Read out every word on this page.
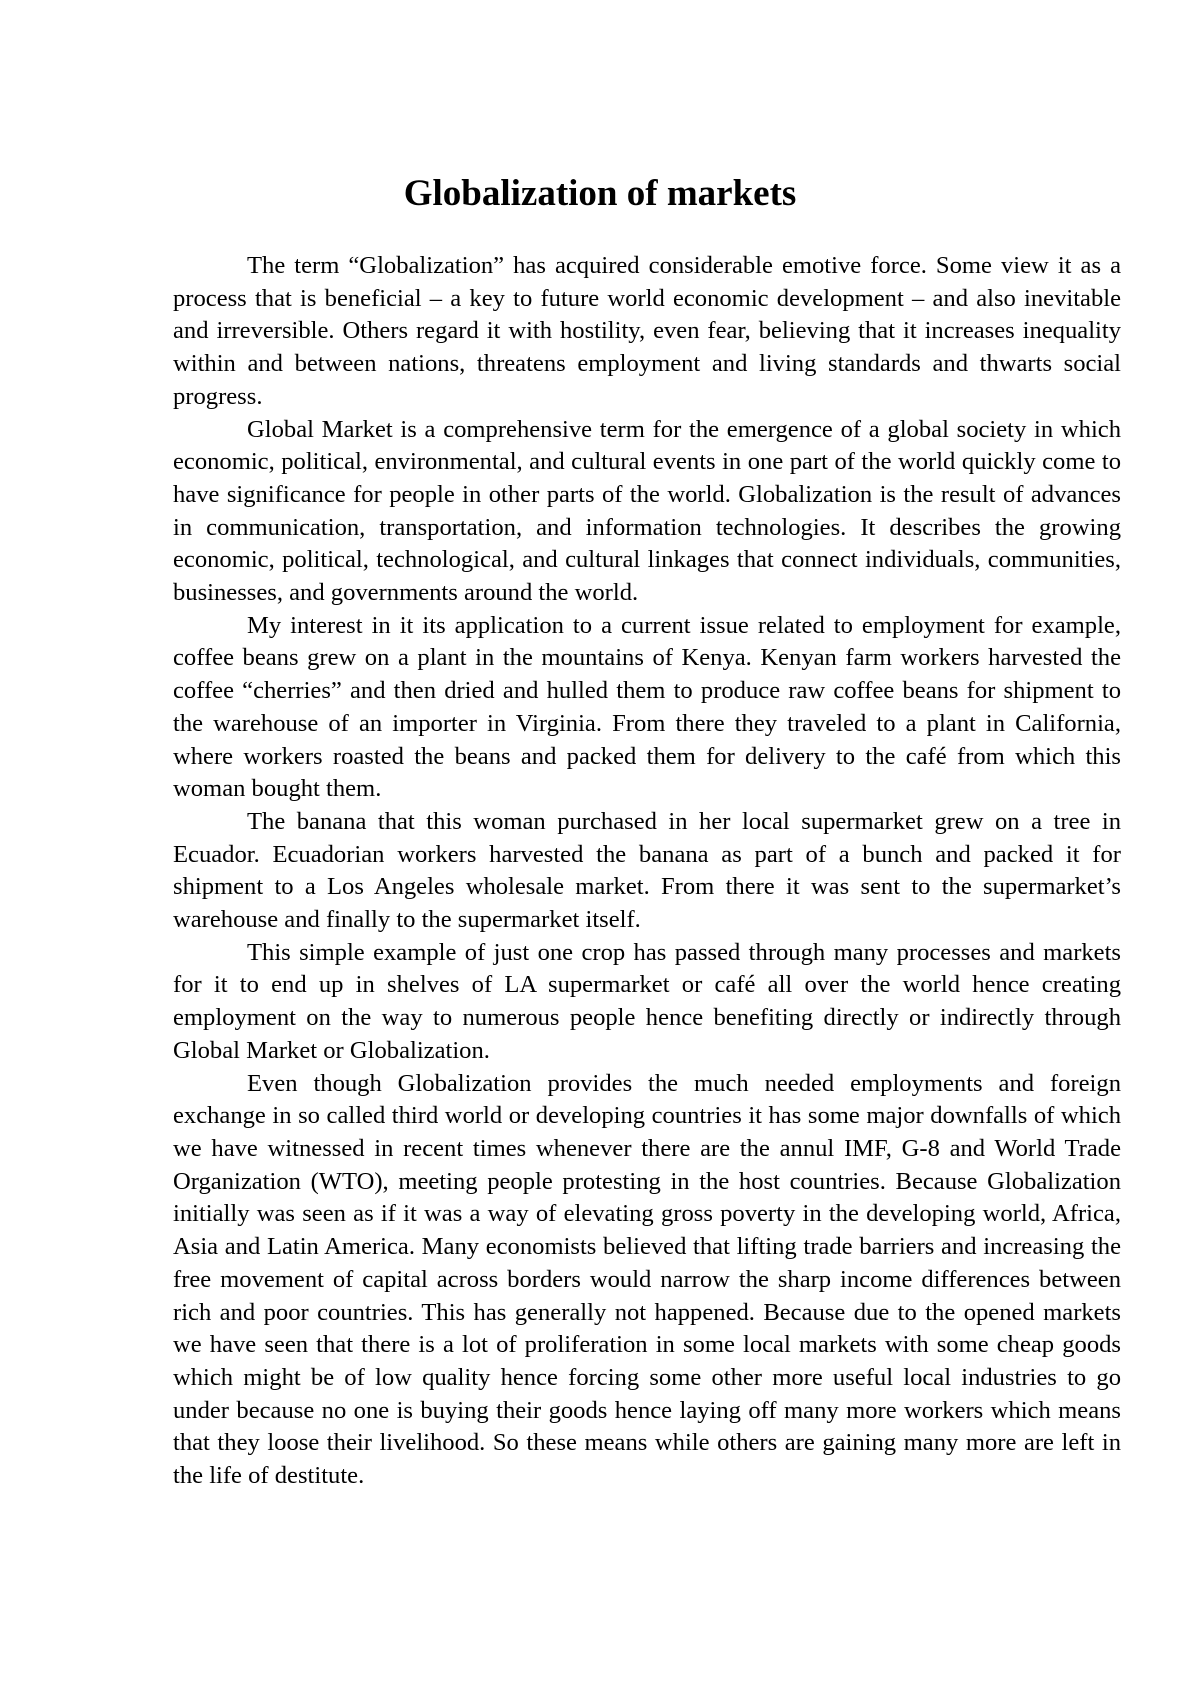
Globalization of markets

The term “Globalization” has acquired considerable emotive force. Some view it as a process that is beneficial – a key to future world economic development – and also inevitable and irreversible. Others regard it with hostility, even fear, believing that it increases inequality within and between nations, threatens employment and living standards and thwarts social progress.

Global Market is a comprehensive term for the emergence of a global society in which economic, political, environmental, and cultural events in one part of the world quickly come to have significance for people in other parts of the world. Globalization is the result of advances in communication, transportation, and information technologies. It describes the growing economic, political, technological, and cultural linkages that connect individuals, communities, businesses, and governments around the world.

My interest in it its application to a current issue related to employment for example, coffee beans grew on a plant in the mountains of Kenya. Kenyan farm workers harvested the coffee “cherries” and then dried and hulled them to produce raw coffee beans for shipment to the warehouse of an importer in Virginia. From there they traveled to a plant in California, where workers roasted the beans and packed them for delivery to the café from which this woman bought them.

The banana that this woman purchased in her local supermarket grew on a tree in Ecuador. Ecuadorian workers harvested the banana as part of a bunch and packed it for shipment to a Los Angeles wholesale market. From there it was sent to the supermarket’s warehouse and finally to the supermarket itself.

This simple example of just one crop has passed through many processes and markets for it to end up in shelves of LA supermarket or café all over the world hence creating employment on the way to numerous people hence benefiting directly or indirectly through Global Market or Globalization.

Even though Globalization provides the much needed employments and foreign exchange in so called third world or developing countries it has some major downfalls of which we have witnessed in recent times whenever there are the annul IMF, G-8 and World Trade Organization (WTO), meeting people protesting in the host countries. Because Globalization initially was seen as if it was a way of elevating gross poverty in the developing world, Africa, Asia and Latin America. Many economists believed that lifting trade barriers and increasing the free movement of capital across borders would narrow the sharp income differences between rich and poor countries. This has generally not happened. Because due to the opened markets we have seen that there is a lot of proliferation in some local markets with some cheap goods which might be of low quality hence forcing some other more useful local industries to go under because no one is buying their goods hence laying off many more workers which means that they loose their livelihood. So these means while others are gaining many more are left in the life of destitute.
